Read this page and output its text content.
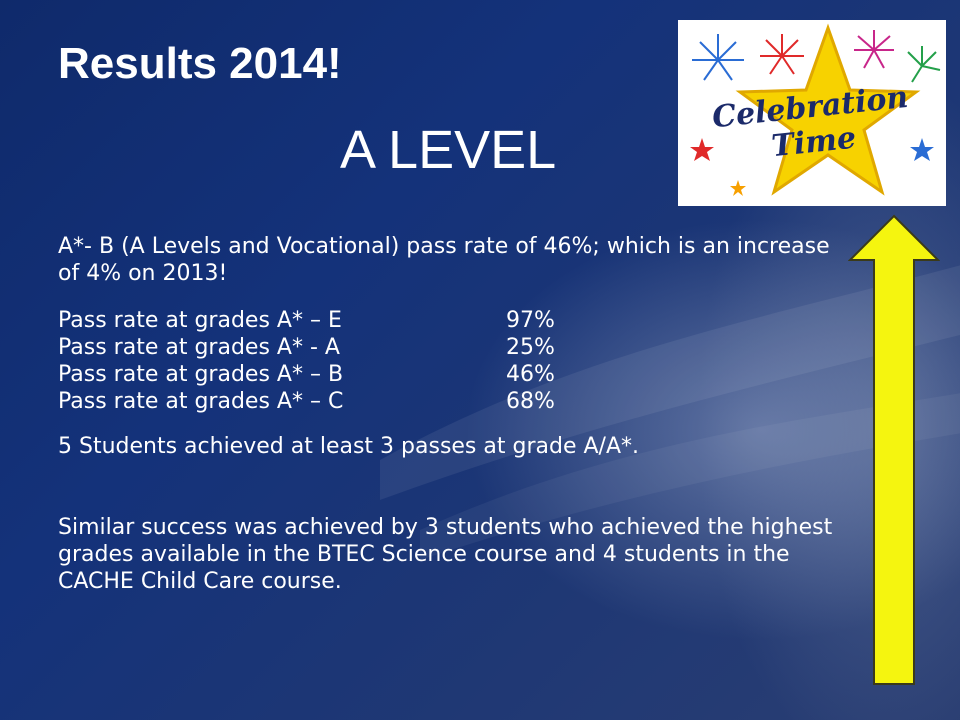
Results 2014!
A LEVEL

A*- B (A Levels and Vocational) pass rate of 46%; which is an increase of 4% on 2013!

Pass rate at grades A* – E	97%
Pass rate at grades A* - A	25%
Pass rate at grades A* – B	46%
Pass rate at grades A* – C	68%

5 Students achieved at least 3 passes at grade A/A*.

Similar success was achieved by 3 students who achieved the highest grades available in the BTEC Science course and 4 students in the CACHE Child Care course.

Celebration Time
